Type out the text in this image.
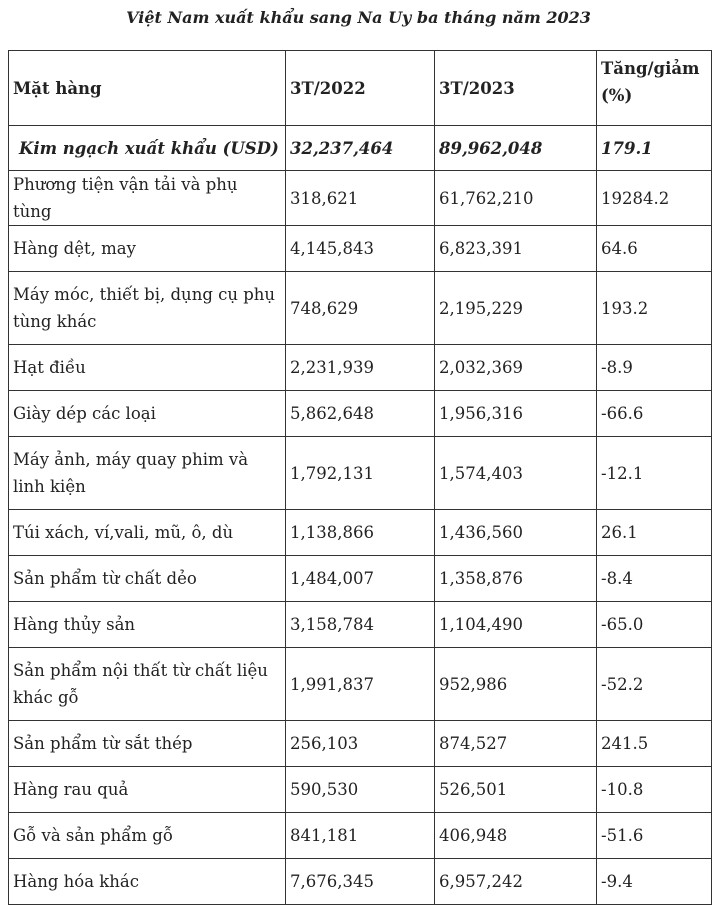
Việt Nam xuất khẩu sang Na Uy ba tháng năm 2023
Mặt hàng	3T/2022	3T/2023	Tăng/giảm (%)
Kim ngạch xuất khẩu (USD)	32,237,464	89,962,048	179.1
Phương tiện vận tải và phụ tùng	318,621	61,762,210	19284.2
Hàng dệt, may	4,145,843	6,823,391	64.6
Máy móc, thiết bị, dụng cụ phụ tùng khác	748,629	2,195,229	193.2
Hạt điều	2,231,939	2,032,369	-8.9
Giày dép các loại	5,862,648	1,956,316	-66.6
Máy ảnh, máy quay phim và linh kiện	1,792,131	1,574,403	-12.1
Túi xách, ví,vali, mũ, ô, dù	1,138,866	1,436,560	26.1
Sản phẩm từ chất dẻo	1,484,007	1,358,876	-8.4
Hàng thủy sản	3,158,784	1,104,490	-65.0
Sản phẩm nội thất từ chất liệu khác gỗ	1,991,837	952,986	-52.2
Sản phẩm từ sắt thép	256,103	874,527	241.5
Hàng rau quả	590,530	526,501	-10.8
Gỗ và sản phẩm gỗ	841,181	406,948	-51.6
Hàng hóa khác	7,676,345	6,957,242	-9.4
